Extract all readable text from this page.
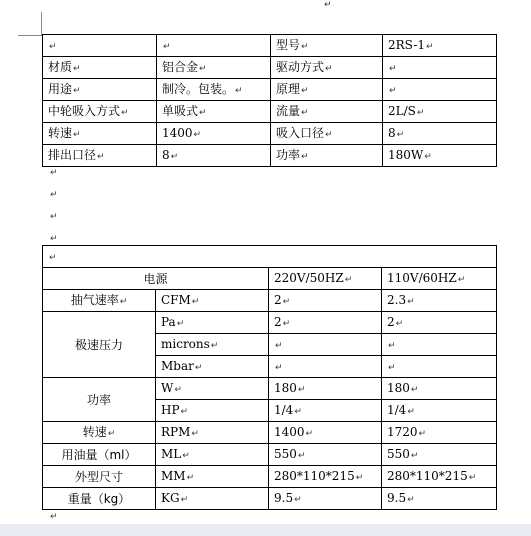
↵
↵	↵	型号↵	2RS-1↵
材质↵	铝合金↵	驱动方式↵	↵
用途↵	制冷。包装。↵	原理↵	↵
中轮吸入方式↵	单吸式↵	流量↵	2L/S↵
转速↵	1400↵	吸入口径↵	8↵
排出口径↵	8↵	功率↵	180W↵
↵
↵
↵
↵
↵			
电源		220V/50HZ↵	110V/60HZ↵
抽气速率↵	CFM↵	2↵	2.3↵
极速压力	Pa↵	2↵	2↵
	microns↵	↵	↵
	Mbar↵	↵	↵
功率	W↵	180↵	180↵
	HP↵	1/4↵	1/4↵
转速↵	RPM↵	1400↵	1720↵
用油量（ml）	ML↵	550↵	550↵
外型尺寸	MM↵	280*110*215↵	280*110*215↵
重量（kg）	KG↵	9.5↵	9.5↵
↵
